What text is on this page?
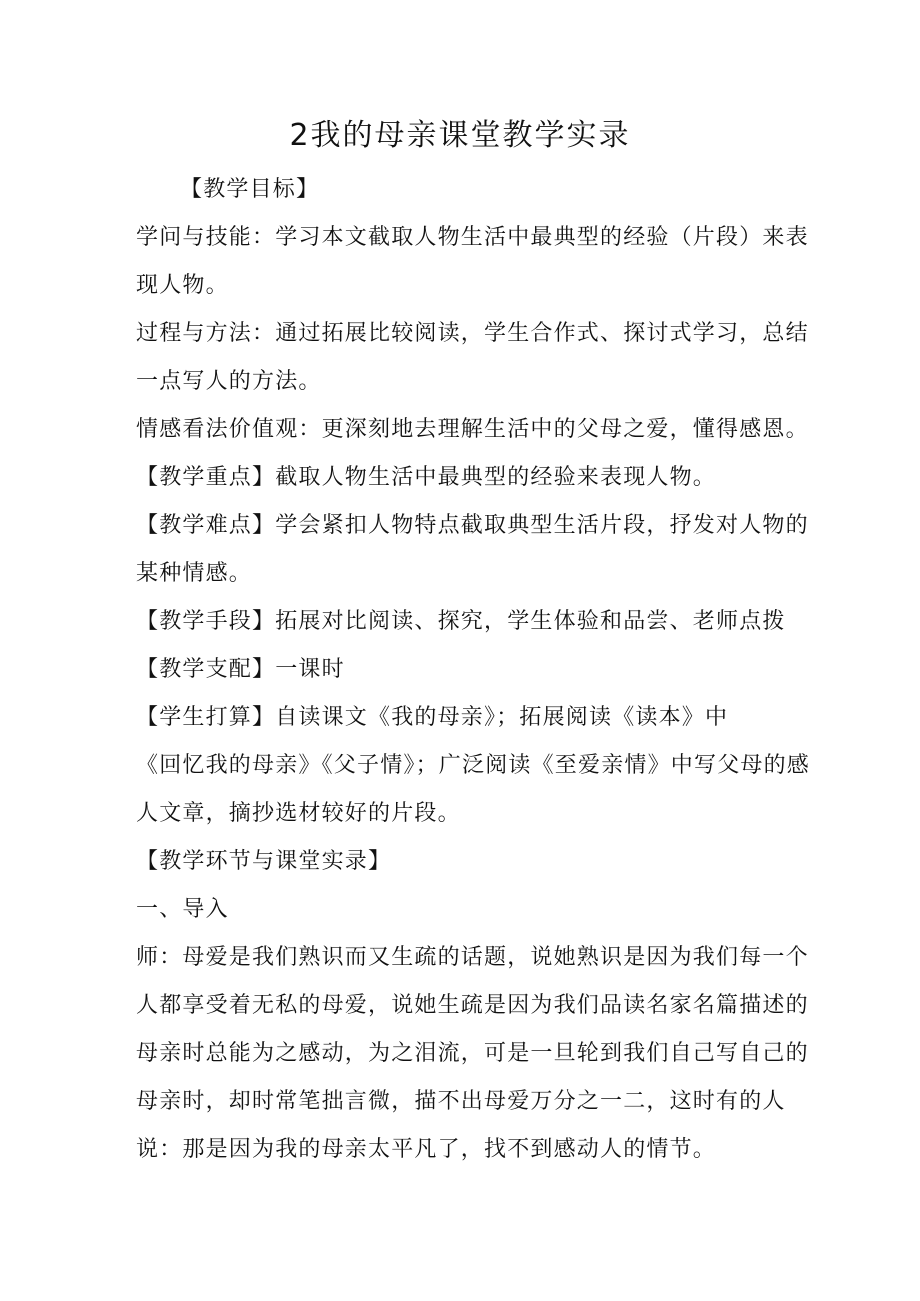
2我的母亲课堂教学实录

【教学目标】

学问与技能：学习本文截取人物生活中最典型的经验（片段）来表现人物。

过程与方法：通过拓展比较阅读，学生合作式、探讨式学习，总结一点写人的方法。

情感看法价值观：更深刻地去理解生活中的父母之爱，懂得感恩。

【教学重点】截取人物生活中最典型的经验来表现人物。

【教学难点】学会紧扣人物特点截取典型生活片段，抒发对人物的某种情感。

【教学手段】拓展对比阅读、探究，学生体验和品尝、老师点拨

【教学支配】一课时

【学生打算】自读课文《我的母亲》；拓展阅读《读本》中

《回忆我的母亲》《父子情》；广泛阅读《至爱亲情》中写父母的感人文章，摘抄选材较好的片段。

【教学环节与课堂实录】

一、导入

师：母爱是我们熟识而又生疏的话题，说她熟识是因为我们每一个人都享受着无私的母爱，说她生疏是因为我们品读名家名篇描述的母亲时总能为之感动，为之泪流，可是一旦轮到我们自己写自己的母亲时，却时常笔拙言微，描不出母爱万分之一二，这时有的人说：那是因为我的母亲太平凡了，找不到感动人的情节。
